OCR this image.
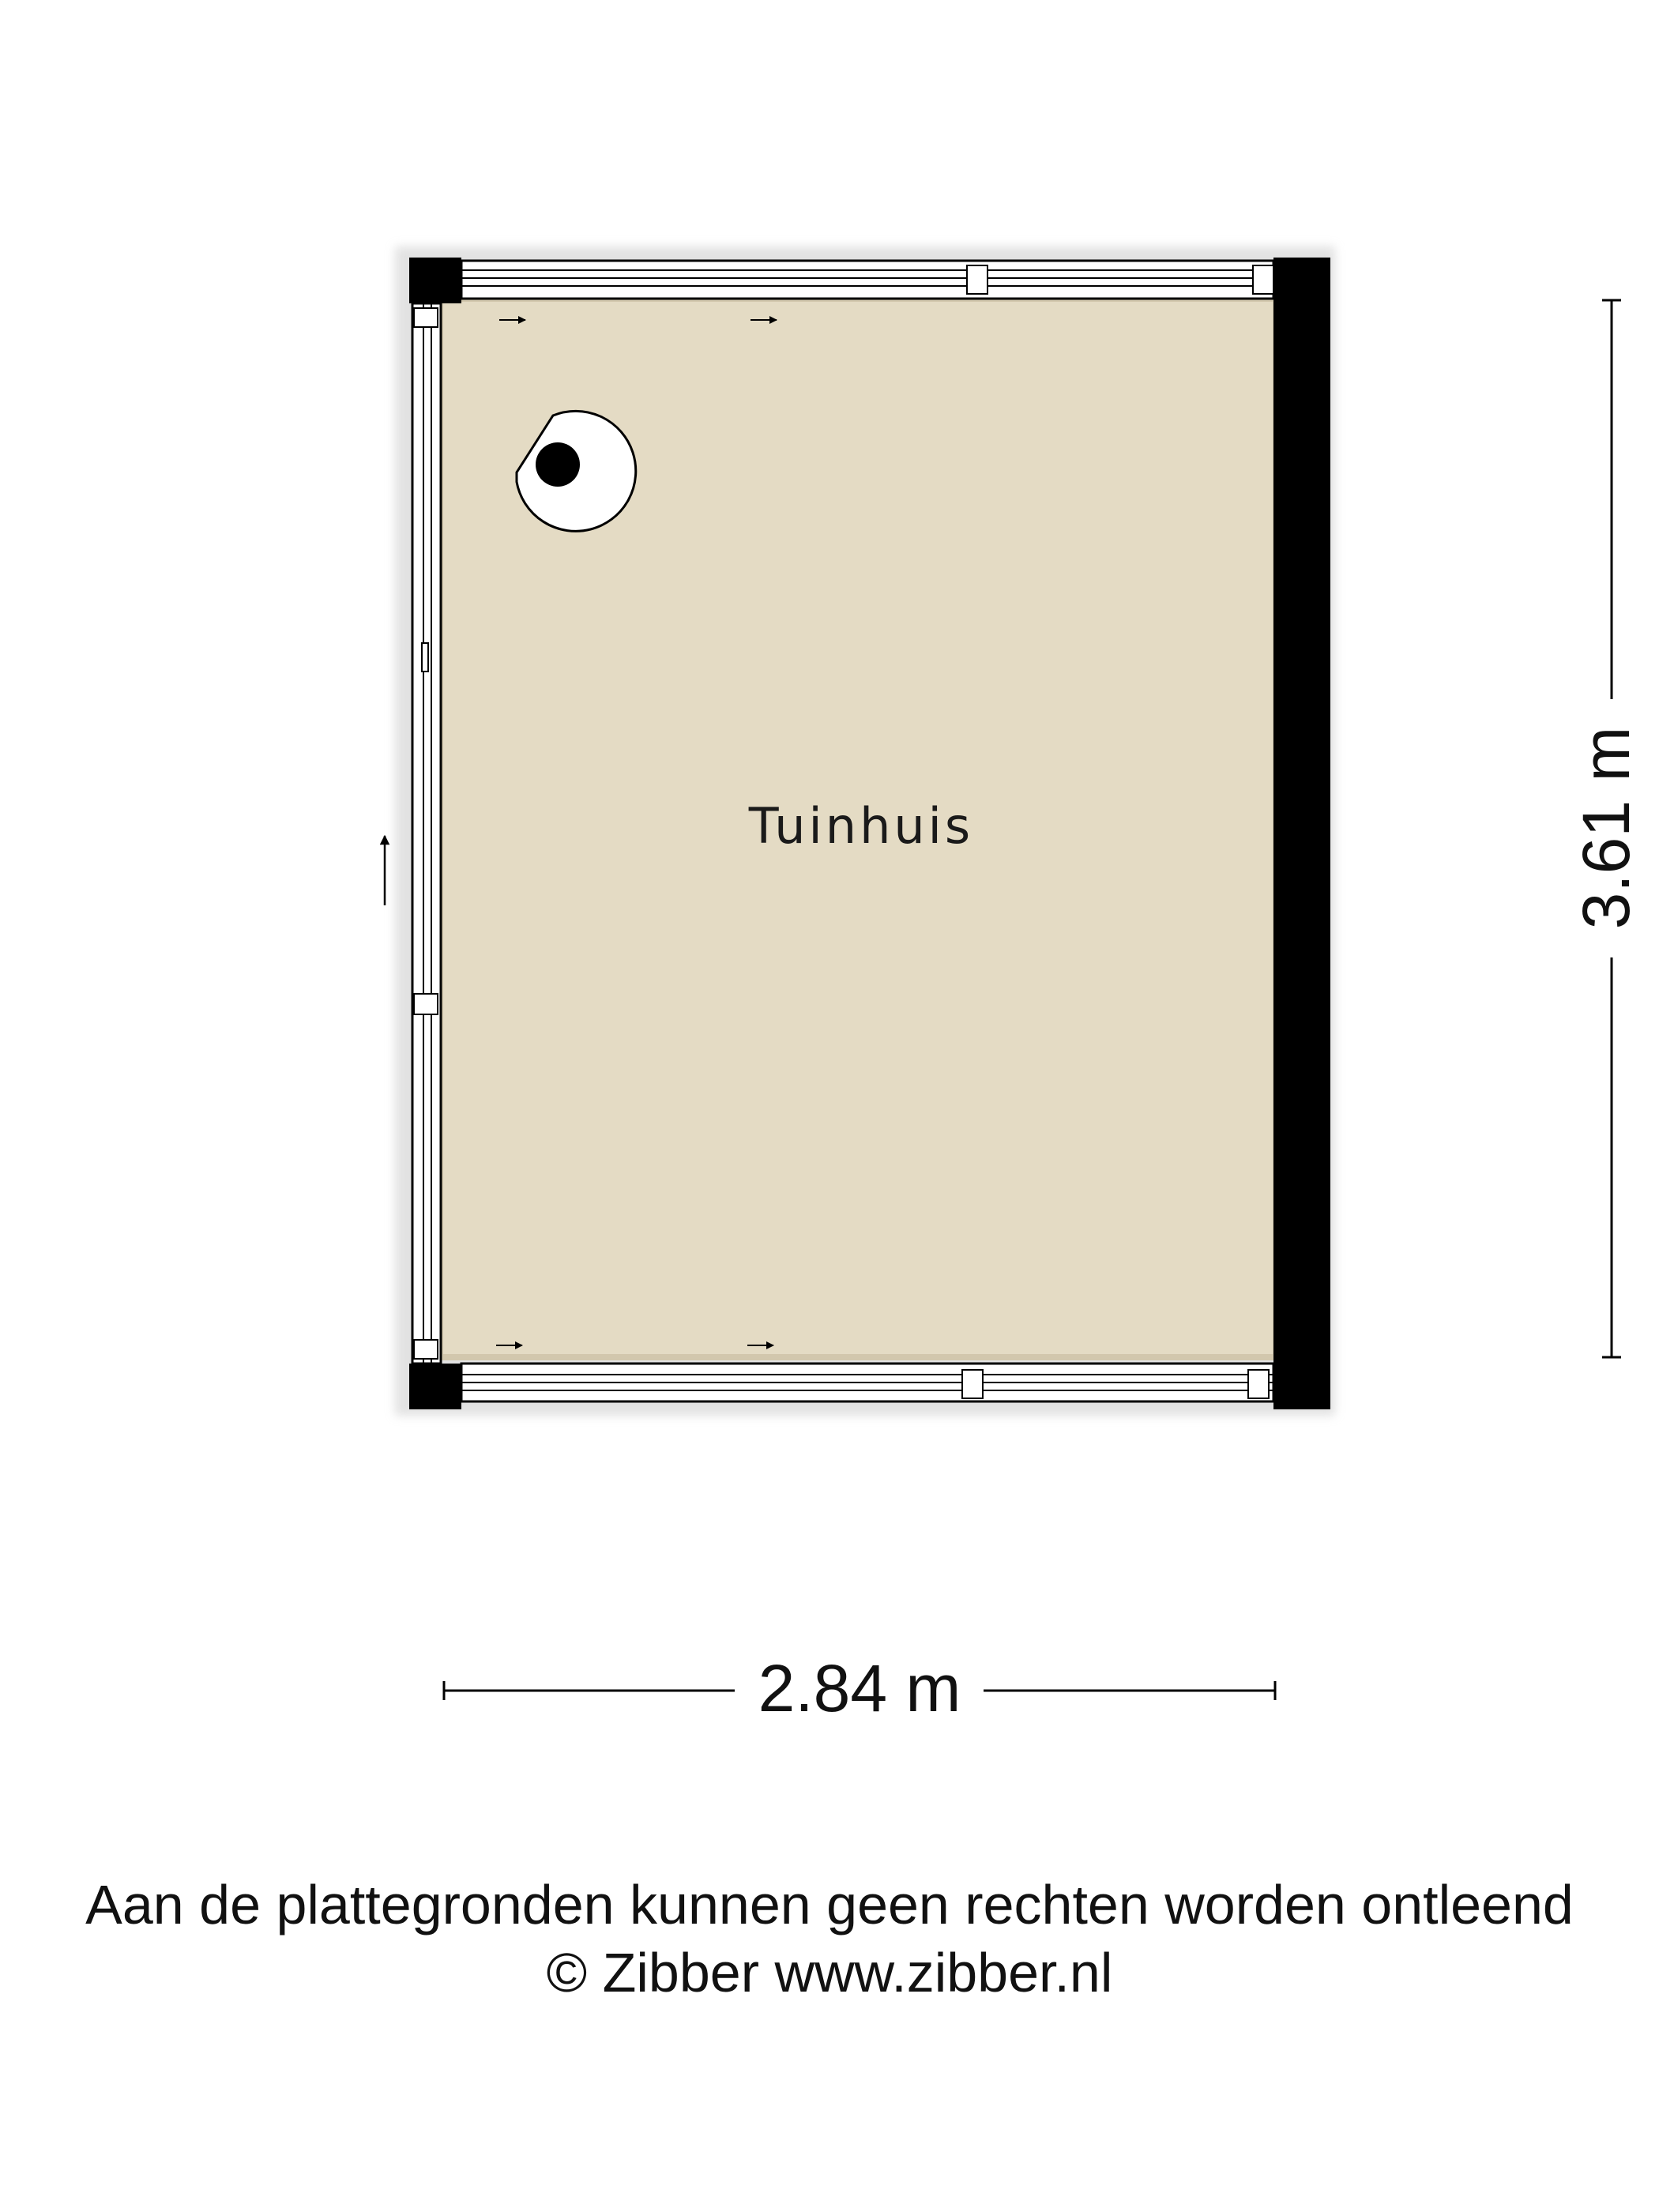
Tuinhuis	3.61 m
2.84 m
Aan de plattegronden kunnen geen rechten worden ontleend
© Zibber www.zibber.nl
